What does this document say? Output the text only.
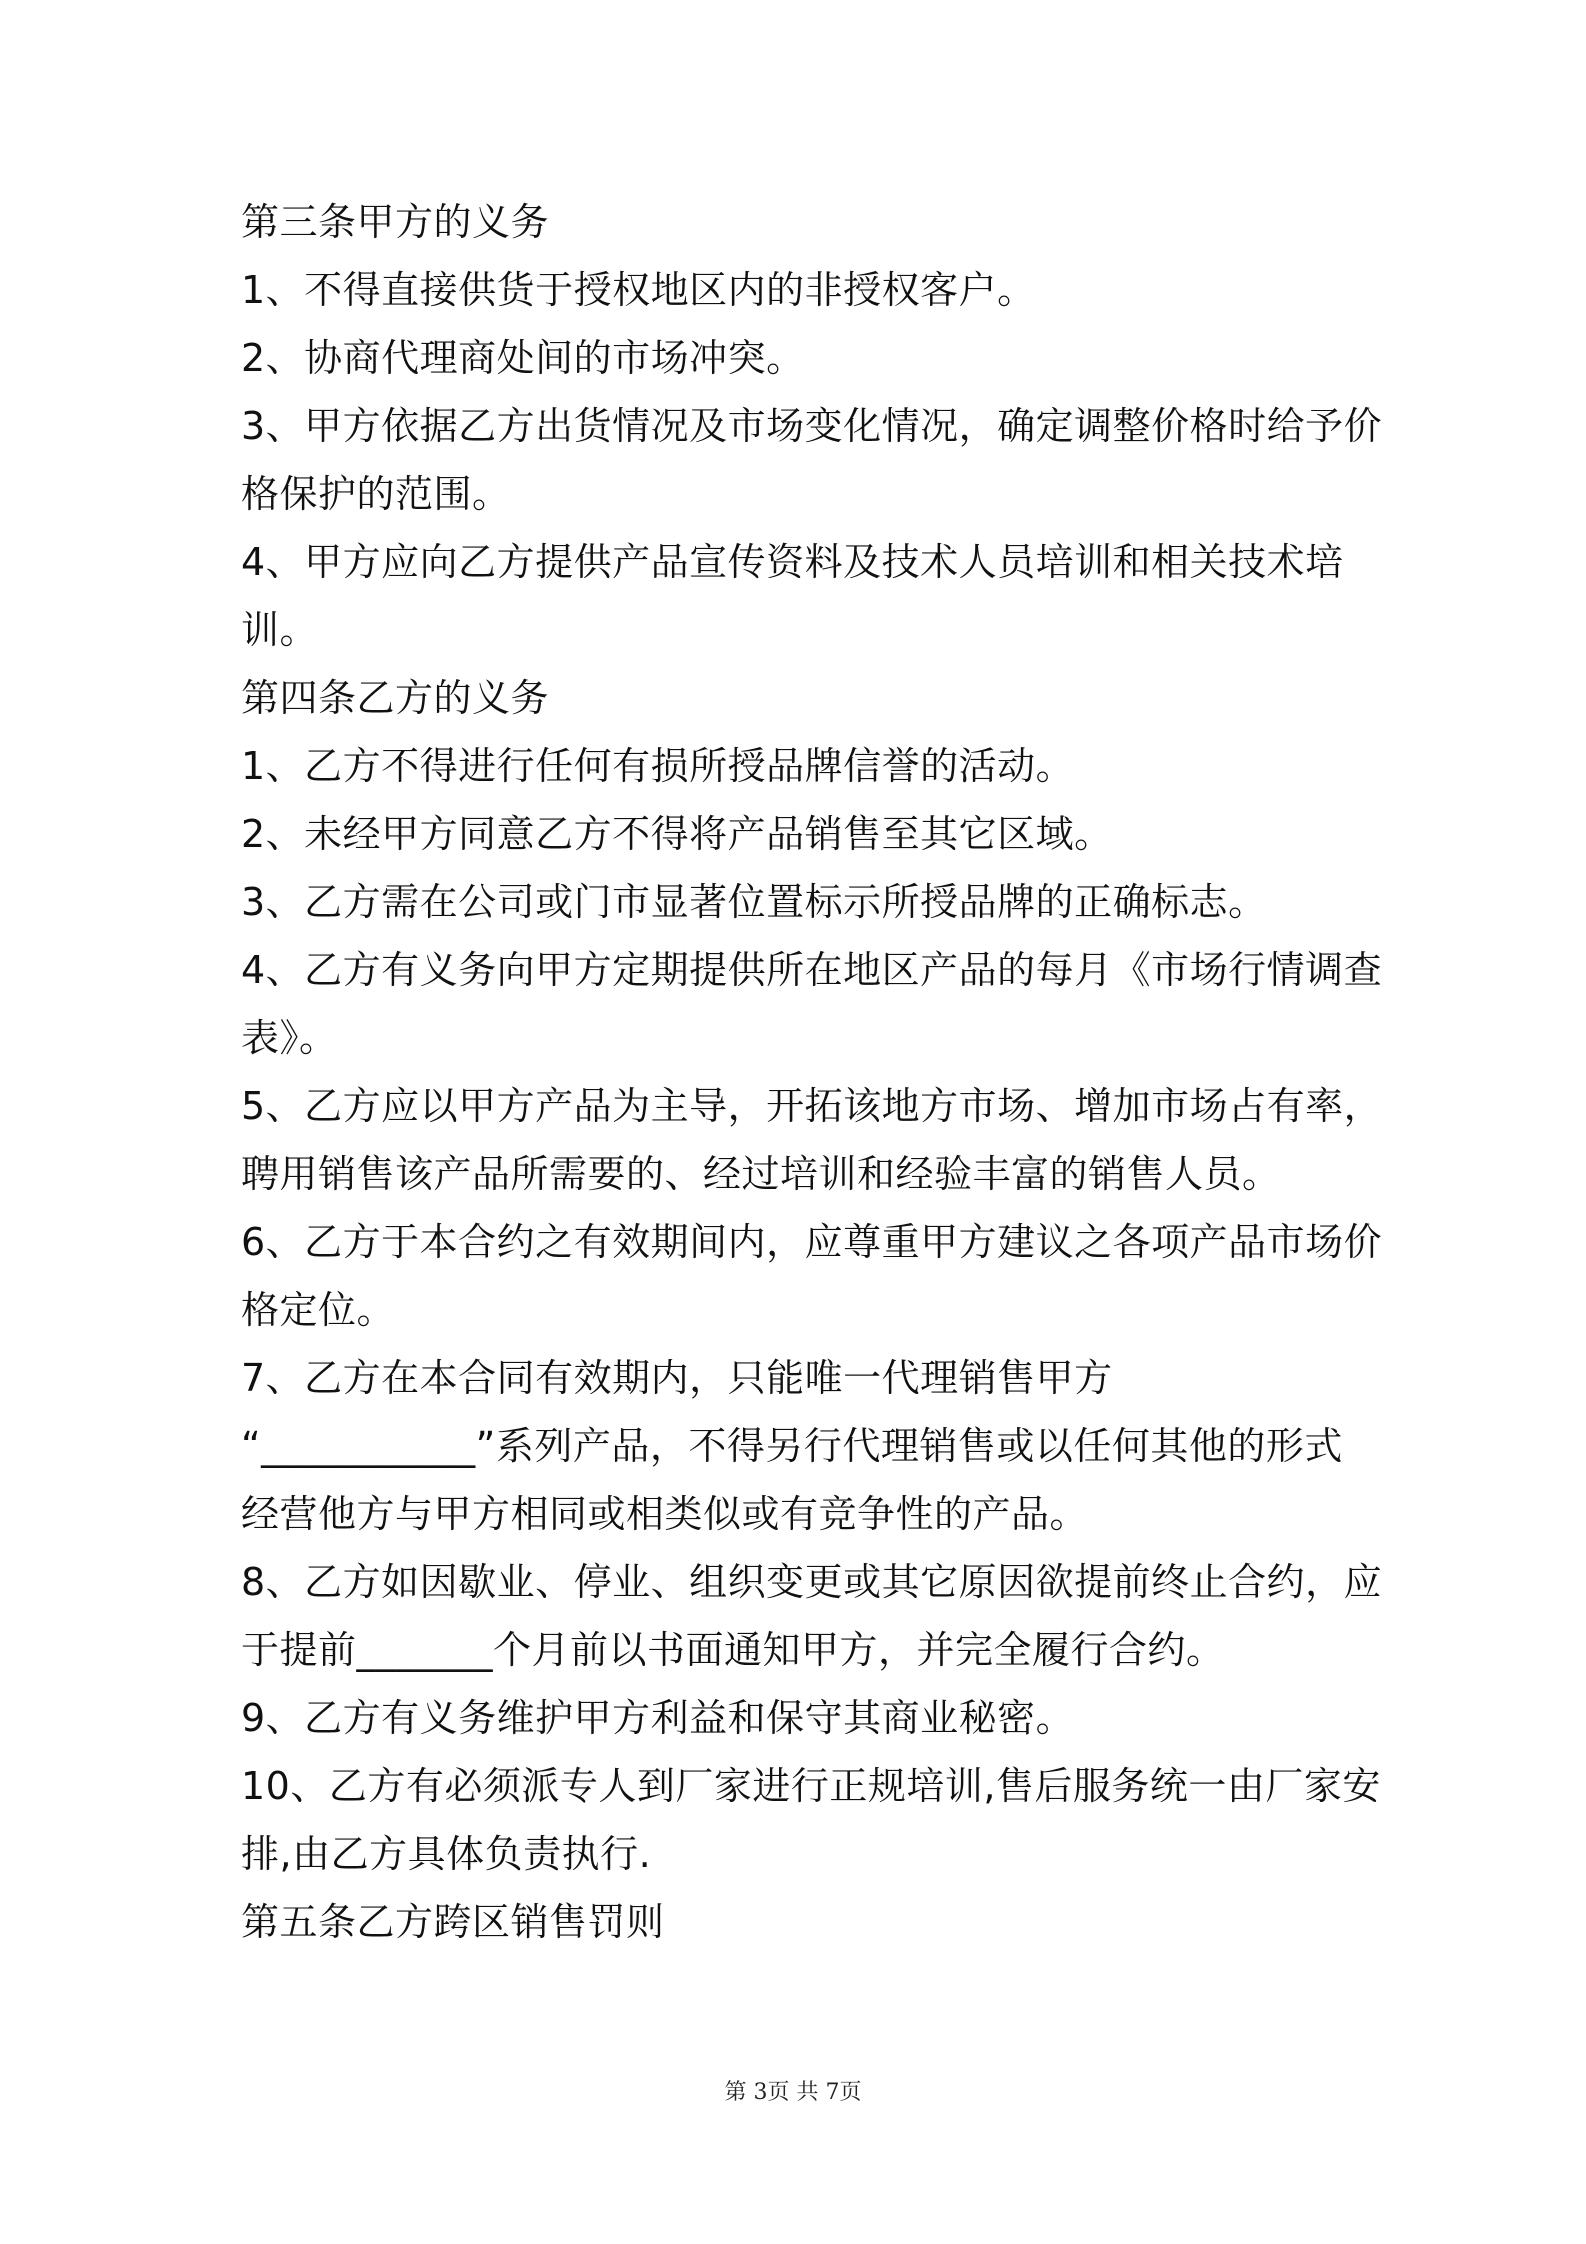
第三条甲方的义务
1、不得直接供货于授权地区内的非授权客户。
2、协商代理商处间的市场冲突。
3、甲方依据乙方出货情况及市场变化情况，确定调整价格时给予价
格保护的范围。
4、甲方应向乙方提供产品宣传资料及技术人员培训和相关技术培
训。
第四条乙方的义务
1、乙方不得进行任何有损所授品牌信誉的活动。
2、未经甲方同意乙方不得将产品销售至其它区域。
3、乙方需在公司或门市显著位置标示所授品牌的正确标志。
4、乙方有义务向甲方定期提供所在地区产品的每月《市场行情调查
表》。
5、乙方应以甲方产品为主导，开拓该地方市场、增加市场占有率，
聘用销售该产品所需要的、经过培训和经验丰富的销售人员。
6、乙方于本合约之有效期间内，应尊重甲方建议之各项产品市场价
格定位。
7、乙方在本合同有效期内，只能唯一代理销售甲方
“___________”系列产品，不得另行代理销售或以任何其他的形式
经营他方与甲方相同或相类似或有竞争性的产品。
8、乙方如因歇业、停业、组织变更或其它原因欲提前终止合约，应
于提前_______个月前以书面通知甲方，并完全履行合约。
9、乙方有义务维护甲方利益和保守其商业秘密。
10、乙方有必须派专人到厂家进行正规培训,售后服务统一由厂家安
排,由乙方具体负责执行.
第五条乙方跨区销售罚则
第 3页 共 7页
